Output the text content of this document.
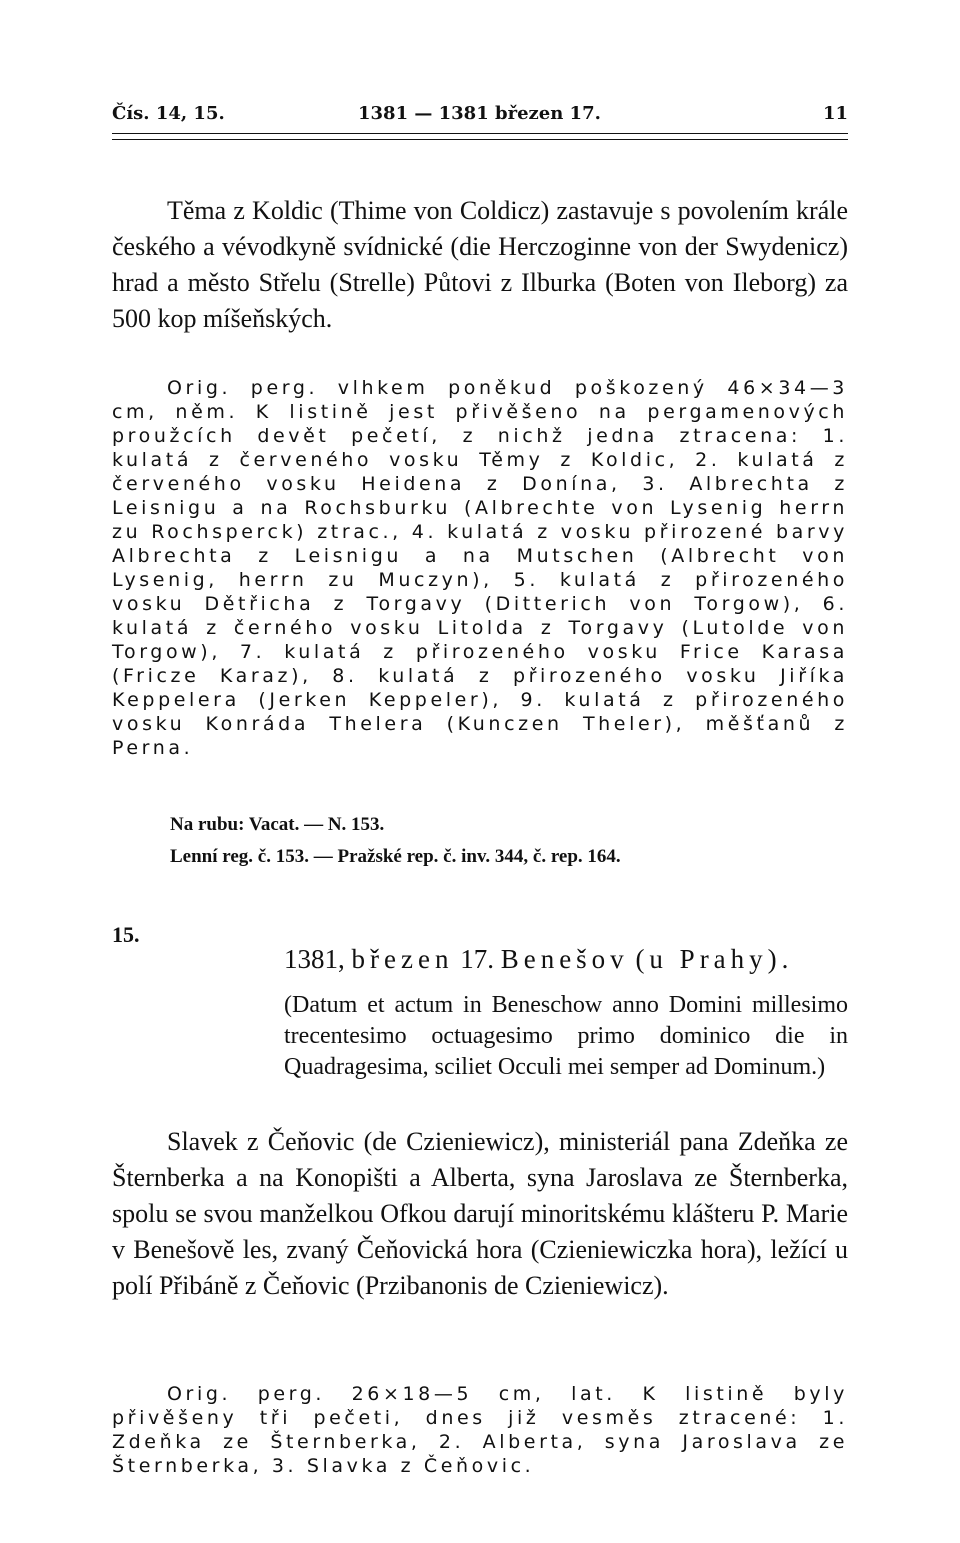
Čís. 14, 15.	1381 — 1381 březen 17.	11

Těma z Koldic (Thime von Coldicz) zastavuje s povolením krále českého a vévodkyně svídnické (die Herczoginne von der Swydenicz) hrad a město Střelu (Strelle) Půtovi z Ilburka (Boten von Ileborg) za 500 kop míšeňských.

Orig. perg. vlhkem poněkud poškozený 46×34—3 cm, něm. K listině jest přivěšeno na pergamenových proužcích devět pečetí, z nichž jedna ztracena: 1. kulatá z červeného vosku Těmy z Koldic, 2. kulatá z červeného vosku Heidena z Donína, 3. Albrechta z Leisnigu a na Rochsburku (Albrechte von Lysenig herrn zu Rochsperck) ztrac., 4. kulatá z vosku přirozené barvy Albrechta z Leisnigu a na Mutschen (Albrecht von Lysenig, herrn zu Muczyn), 5. kulatá z přirozeného vosku Dětřicha z Torgavy (Ditterich von Torgow), 6. kulatá z černého vosku Litolda z Torgavy (Lutolde von Torgow), 7. kulatá z přirozeného vosku Frice Karasa (Fricze Karaz), 8. kulatá z přirozeného vosku Jiříka Keppelera (Jerken Keppeler), 9. kulatá z přirozeného vosku Konráda Thelera (Kunczen Theler), měšťanů z Perna.

Na rubu: Vacat. — N. 153.
Lenní reg. č. 153. — Pražské rep. č. inv. 344, č. rep. 164.
15.
1381, březen 17. Benešov (u Prahy).

(Datum et actum in Beneschow anno Domini millesimo trecentesimo octuagesimo primo dominico die in Quadragesima, sciliet Occuli mei semper ad Dominum.)

Slavek z Čeňovic (de Czieniewicz), ministeriál pana Zdeňka ze Šternberka a na Konopišti a Alberta, syna Jaroslava ze Šternberka, spolu se svou manželkou Ofkou darují minoritskému klášteru P. Marie v Benešově les, zvaný Čeňovická hora (Czieniewiczka hora), ležící u polí Přibáně z Čeňovic (Przibanonis de Czieniewicz).

Orig. perg. 26×18—5 cm, lat. K listině byly přivěšeny tři pečeti, dnes již vesměs ztracené: 1. Zdeňka ze Šternberka, 2. Alberta, syna Jaroslava ze Šternberka, 3. Slavka z Čeňovic.
